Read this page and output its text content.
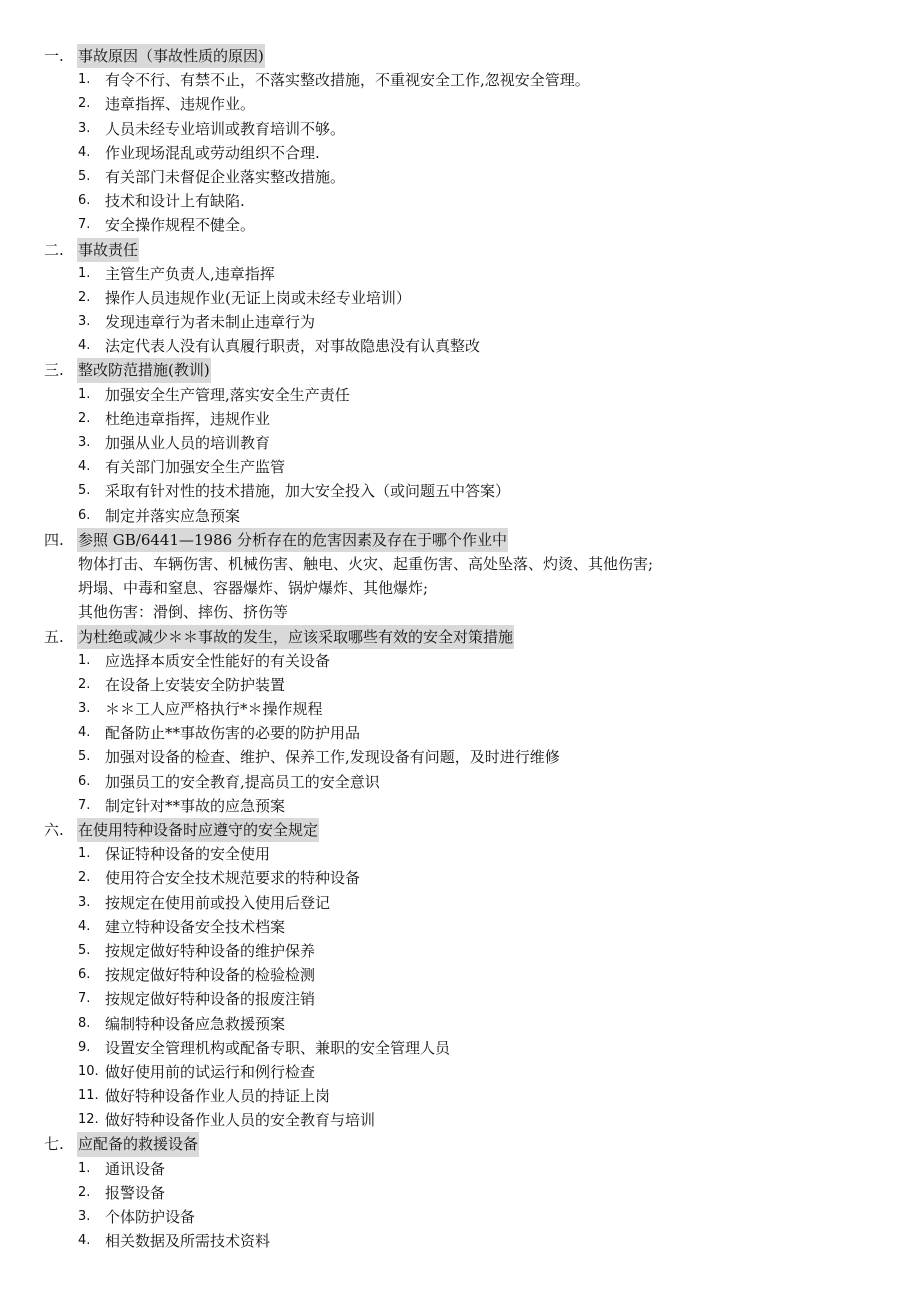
一. 事故原因（事故性质的原因)
1. 有令不行、有禁不止，不落实整改措施，不重视安全工作,忽视安全管理。
2. 违章指挥、违规作业。
3. 人员未经专业培训或教育培训不够。
4. 作业现场混乱或劳动组织不合理.
5. 有关部门未督促企业落实整改措施。
6. 技术和设计上有缺陷.
7. 安全操作规程不健全。
二. 事故责任
1. 主管生产负责人,违章指挥
2. 操作人员违规作业(无证上岗或未经专业培训）
3. 发现违章行为者未制止违章行为
4. 法定代表人没有认真履行职责，对事故隐患没有认真整改
三. 整改防范措施(教训)
1. 加强安全生产管理,落实安全生产责任
2. 杜绝违章指挥，违规作业
3. 加强从业人员的培训教育
4. 有关部门加强安全生产监管
5. 采取有针对性的技术措施，加大安全投入（或问题五中答案）
6. 制定并落实应急预案
四. 参照 GB/6441—1986 分析存在的危害因素及存在于哪个作业中
物体打击、车辆伤害、机械伤害、触电、火灾、起重伤害、高处坠落、灼烫、其他伤害;
坍塌、中毒和窒息、容器爆炸、锅炉爆炸、其他爆炸;
其他伤害：滑倒、摔伤、挤伤等
五. 为杜绝或减少＊＊事故的发生，应该采取哪些有效的安全对策措施
1. 应选择本质安全性能好的有关设备
2. 在设备上安装安全防护装置
3. ＊＊工人应严格执行*＊操作规程
4. 配备防止**事故伤害的必要的防护用品
5. 加强对设备的检查、维护、保养工作,发现设备有问题，及时进行维修
6. 加强员工的安全教育,提高员工的安全意识
7. 制定针对**事故的应急预案
六. 在使用特种设备时应遵守的安全规定
1. 保证特种设备的安全使用
2. 使用符合安全技术规范要求的特种设备
3. 按规定在使用前或投入使用后登记
4. 建立特种设备安全技术档案
5. 按规定做好特种设备的维护保养
6. 按规定做好特种设备的检验检测
7. 按规定做好特种设备的报废注销
8. 编制特种设备应急救援预案
9. 设置安全管理机构或配备专职、兼职的安全管理人员
10. 做好使用前的试运行和例行检查
11. 做好特种设备作业人员的持证上岗
12. 做好特种设备作业人员的安全教育与培训
七. 应配备的救援设备
1. 通讯设备
2. 报警设备
3. 个体防护设备
4. 相关数据及所需技术资料
